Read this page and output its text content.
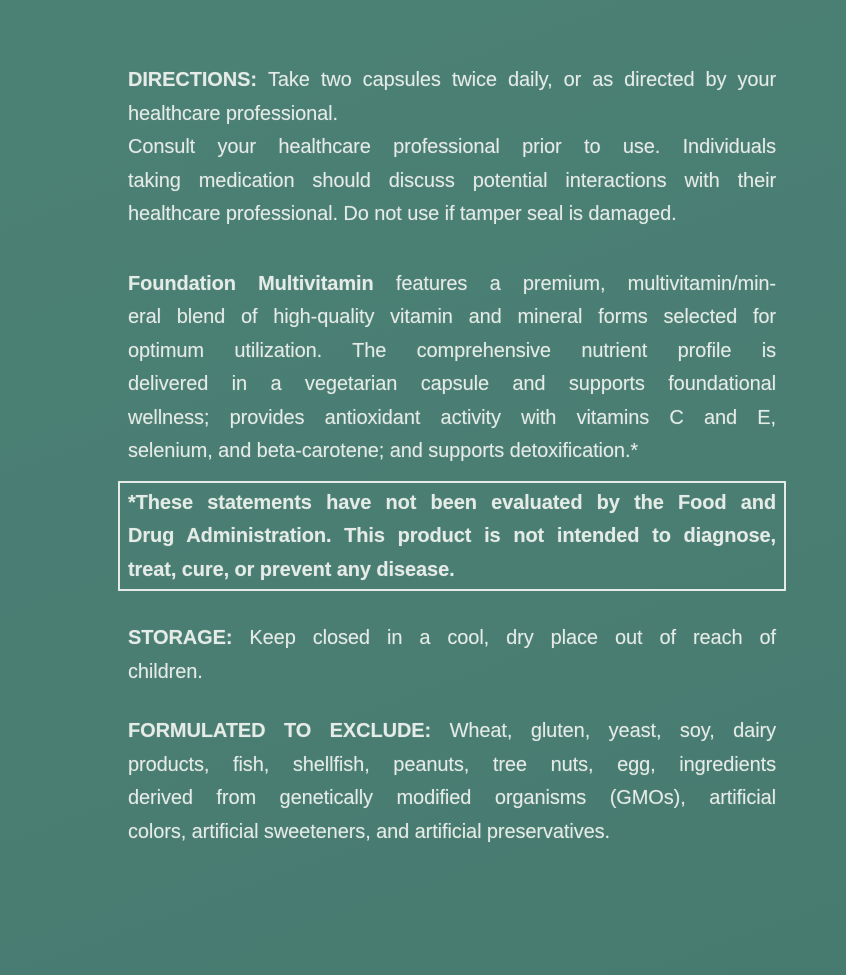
DIRECTIONS: Take two capsules twice daily, or as directed by your
healthcare professional.
Consult your healthcare professional prior to use. Individuals
taking medication should discuss potential interactions with their
healthcare professional. Do not use if tamper seal is damaged.
Foundation Multivitamin features a premium, multivitamin/min-
eral blend of high-quality vitamin and mineral forms selected for
optimum utilization. The comprehensive nutrient profile is
delivered in a vegetarian capsule and supports foundational
wellness; provides antioxidant activity with vitamins C and E,
selenium, and beta-carotene; and supports detoxification.*
*These statements have not been evaluated by the Food and
Drug Administration. This product is not intended to diagnose,
treat, cure, or prevent any disease.
STORAGE: Keep closed in a cool, dry place out of reach of
children.
FORMULATED TO EXCLUDE: Wheat, gluten, yeast, soy, dairy
products, fish, shellfish, peanuts, tree nuts, egg, ingredients
derived from genetically modified organisms (GMOs), artificial
colors, artificial sweeteners, and artificial preservatives.
